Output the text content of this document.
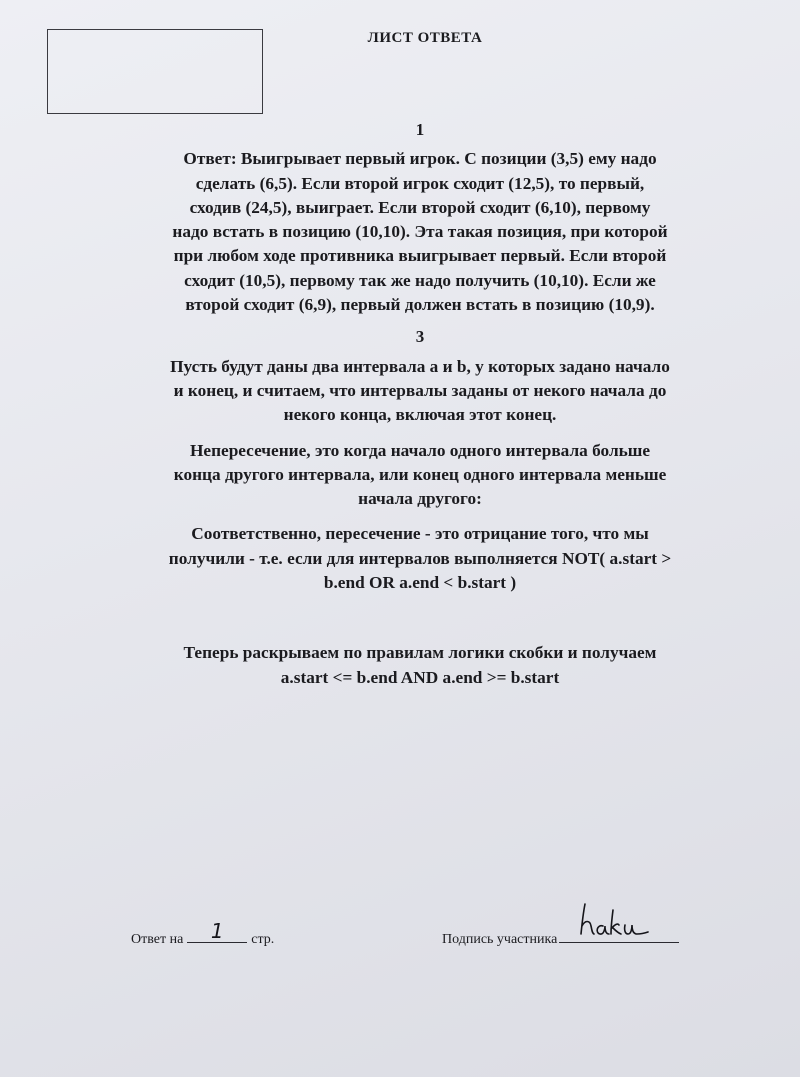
ЛИСТ ОТВЕТА
1

Ответ: Выигрывает первый игрок. С позиции (3,5) ему надо
сделать (6,5). Если второй игрок сходит (12,5), то первый,
сходив (24,5), выиграет. Если второй сходит (6,10), первому
надо встать в позицию (10,10). Эта такая позиция, при которой
при любом ходе противника выигрывает первый. Если второй
сходит (10,5), первому так же надо получить (10,10). Если же
второй сходит (6,9), первый должен встать в позицию (10,9).

3

Пусть будут даны два интервала a и b, у которых задано начало
и конец, и считаем, что интервалы заданы от некого начала до
некого конца, включая этот конец.

Непересечение, это когда начало одного интервала больше
конца другого интервала, или конец одного интервала меньше
начала другого:

Соответственно, пересечение - это отрицание того, что мы
получили - т.е. если для интервалов выполняется NOT( a.start >
b.end OR a.end < b.start )

Теперь раскрываем по правилам логики скобки и получаем
a.start <= b.end AND a.end >= b.start

Ответ на	1	стр.	Подпись участника
